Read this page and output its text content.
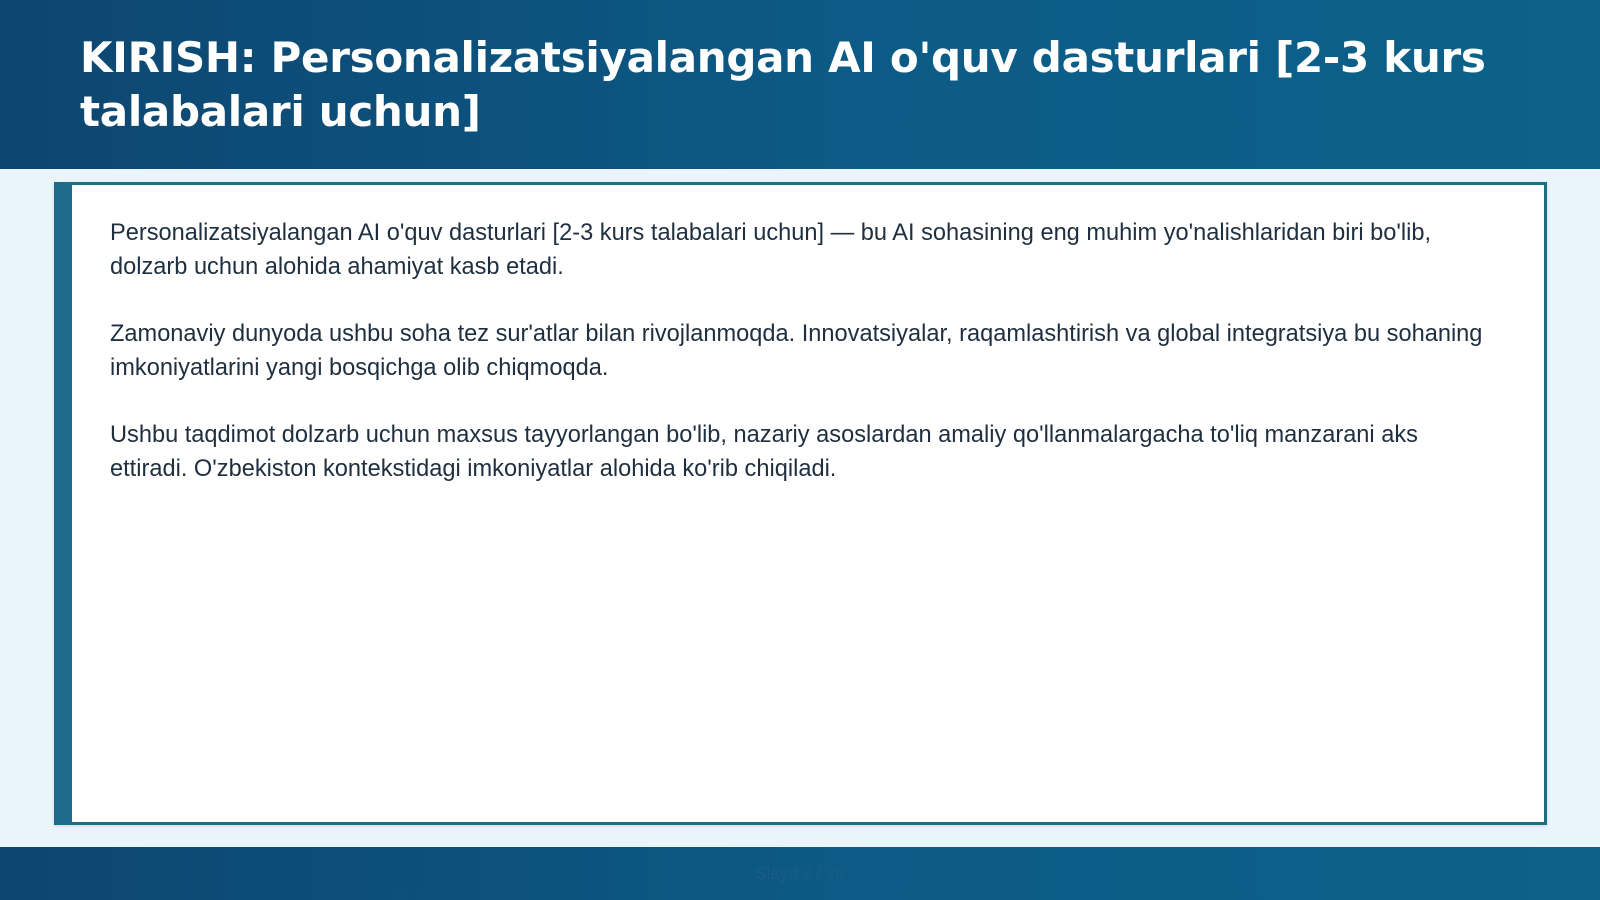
KIRISH: Personalizatsiyalangan AI o'quv dasturlari [2-3 kurs talabalari uchun]

Personalizatsiyalangan AI o'quv dasturlari [2-3 kurs talabalari uchun] — bu AI sohasining eng muhim yo'nalishlaridan biri bo'lib, dolzarb uchun alohida ahamiyat kasb etadi.

Zamonaviy dunyoda ushbu soha tez sur'atlar bilan rivojlanmoqda. Innovatsiyalar, raqamlashtirish va global integratsiya bu sohaning imkoniyatlarini yangi bosqichga olib chiqmoqda.

Ushbu taqdimot dolzarb uchun maxsus tayyorlangan bo'lib, nazariy asoslardan amaliy qo'llanmalargacha to'liq manzarani aks ettiradi. O'zbekiston kontekstidagi imkoniyatlar alohida ko'rib chiqiladi.

Slayd 2 / 20
